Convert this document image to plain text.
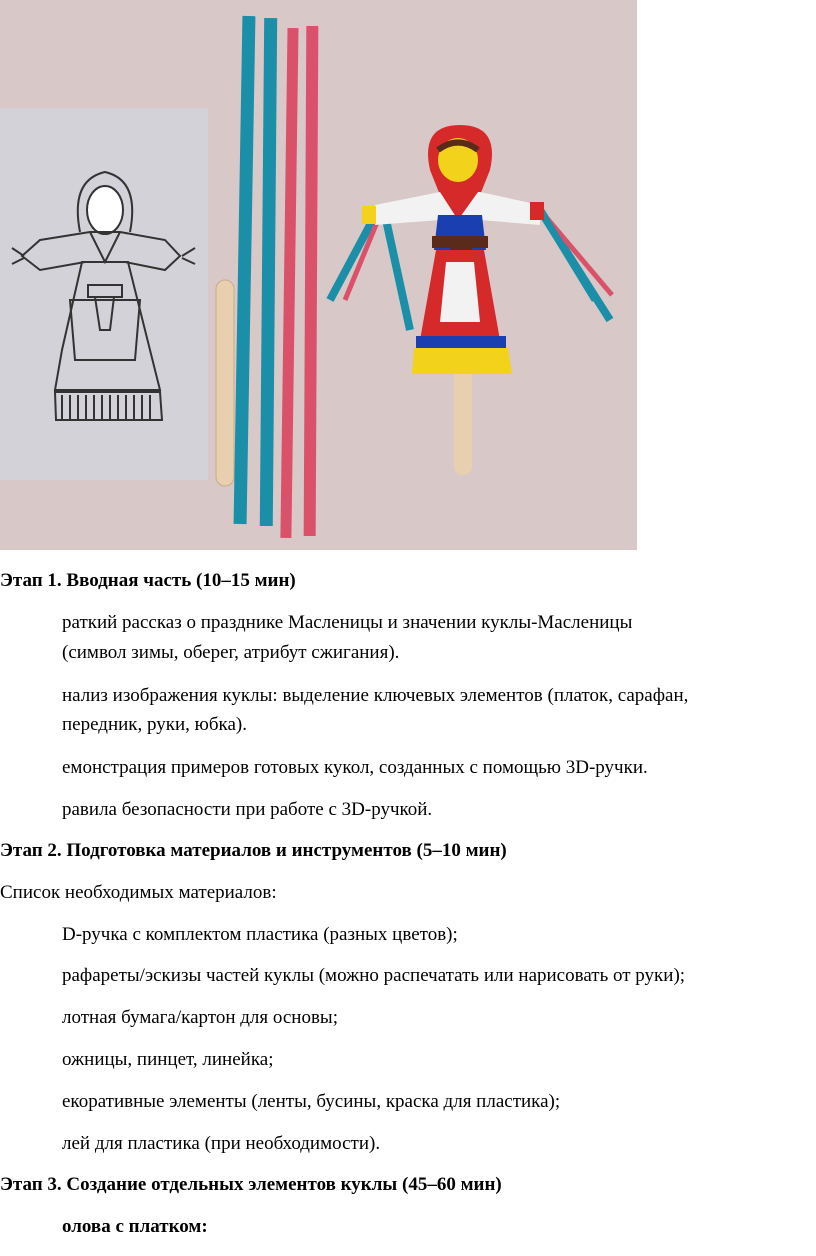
Этап 1. Вводная часть (10–15 мин)
раткий рассказ о празднике Масленицы и значении куклы-Масленицы
(символ зимы, оберег, атрибут сжигания).
нализ изображения куклы: выделение ключевых элементов (платок, сарафан,
передник, руки, юбка).
емонстрация примеров готовых кукол, созданных с помощью 3D-ручки.
равила безопасности при работе с 3D-ручкой.
Этап 2. Подготовка материалов и инструментов (5–10 мин)
Список необходимых материалов:
D-ручка с комплектом пластика (разных цветов);
рафареты/эскизы частей куклы (можно распечатать или нарисовать от руки);
лотная бумага/картон для основы;
ожницы, пинцет, линейка;
екоративные элементы (ленты, бусины, краска для пластика);
лей для пластика (при необходимости).
Этап 3. Создание отдельных элементов куклы (45–60 мин)
олова с платком:
